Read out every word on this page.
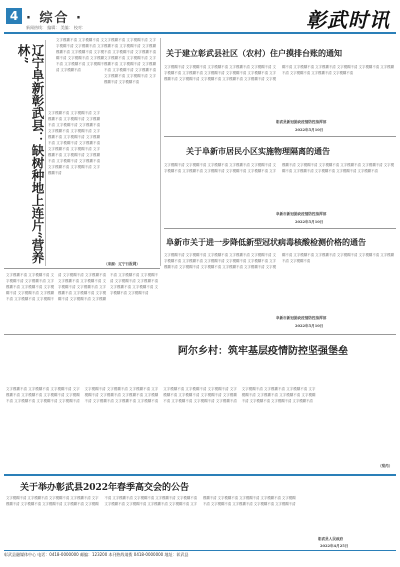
4 · 综合 ·
新闻热线： 编辑： 美编： 校对：	彰武时讯
文字模糊不清 文字模糊不清 文字模糊不清 文字模糊不清 文字模糊不清 文字模糊不清 文字模糊不清 文字模糊不清 文字模糊不清 文字模糊不清 文字模糊不清 文字模糊不清
文字模糊不清 文字模糊不清 文字模糊不清 文字模糊不清 文字模糊不清 文字模糊不清 文字模糊不清 文字模糊不清 文字模糊不清 文字模糊不清 文字模糊不清 文字模糊不清 文字模糊不清 文字模糊不清 文字模糊不清 文字模糊不清 文字模糊不清 文字模糊不清
辽宁阜新彰武县：缺树种地上连片“营养林”
文字模糊不清 文字模糊不清 文字模糊不清 文字模糊不清 文字模糊不清 文字模糊不清 文字模糊不清 文字模糊不清 文字模糊不清 文字模糊不清 文字模糊不清 文字模糊不清 文字模糊不清 文字模糊不清 文字模糊不清 文字模糊不清 文字模糊不清 文字模糊不清 文字模糊不清 文字模糊不清 文字模糊不清 文字模糊不清 文字模糊不清 文字模糊不清
（来源：辽宁日报网）
关于建立彰武县社区（农村）住户摸排台账的通知
文字模糊不清 文字模糊不清 文字模糊不清 文字模糊不清 文字模糊不清 文字模糊不清 文字模糊不清 文字模糊不清 文字模糊不清 文字模糊不清 文字模糊不清 文字模糊不清 文字模糊不清 文字模糊不清 文字模糊不清 文字模糊不清 文字模糊不清 文字模糊不清 文字模糊不清 文字模糊不清 文字模糊不清 文字模糊不清 文字模糊不清 文字模糊不清
彰武县新冠肺炎疫情防控指挥部
2022年5月10日
关于阜新市居民小区实施物理隔离的通告
文字模糊不清 文字模糊不清 文字模糊不清 文字模糊不清 文字模糊不清 文字模糊不清 文字模糊不清 文字模糊不清 文字模糊不清 文字模糊不清 文字模糊不清 文字模糊不清 文字模糊不清 文字模糊不清 文字模糊不清 文字模糊不清 文字模糊不清 文字模糊不清 文字模糊不清 文字模糊不清
阜新市新冠肺炎疫情防控指挥部
2022年5月10日
阜新市关于进一步降低新型冠状病毒核酸检测价格的通告
文字模糊不清 文字模糊不清 文字模糊不清 文字模糊不清 文字模糊不清 文字模糊不清 文字模糊不清 文字模糊不清 文字模糊不清 文字模糊不清 文字模糊不清 文字模糊不清 文字模糊不清 文字模糊不清 文字模糊不清 文字模糊不清 文字模糊不清 文字模糊不清 文字模糊不清 文字模糊不清 文字模糊不清 文字模糊不清
阜新市新冠肺炎疫情防控指挥部
2022年5月10日
文字模糊不清 文字模糊不清 文字模糊不清 文字模糊不清 文字模糊不清 文字模糊不清 文字模糊不清 文字模糊不清 文字模糊不清 文字模糊不清 文字模糊不清 文字模糊不清 文字模糊不清 文字模糊不清 文字模糊不清 文字模糊不清 文字模糊不清 文字模糊不清 文字模糊不清 文字模糊不清 文字模糊不清 文字模糊不清 文字模糊不清 文字模糊不清 文字模糊不清 文字模糊不清 文字模糊不清 文字模糊不清 文字模糊不清 文字模糊不清
阿尔乡村：筑牢基层疫情防控坚强堡垒
文字模糊不清 文字模糊不清 文字模糊不清 文字模糊不清 文字模糊不清 文字模糊不清 文字模糊不清 文字模糊不清 文字模糊不清 文字模糊不清 文字模糊不清 文字模糊不清 文字模糊不清 文字模糊不清 文字模糊不清 文字模糊不清 文字模糊不清 文字模糊不清 文字模糊不清 文字模糊不清 文字模糊不清 文字模糊不清 文字模糊不清 文字模糊不清 文字模糊不清 文字模糊不清 文字模糊不清 文字模糊不清 文字模糊不清 文字模糊不清 文字模糊不清 文字模糊不清 文字模糊不清 文字模糊不清 文字模糊不清 文字模糊不清 文字模糊不清 文字模糊不清 文字模糊不清 文字模糊不清
（梁芮）
关于举办彰武县2022年春季高交会的公告
文字模糊不清 文字模糊不清 文字模糊不清 文字模糊不清 文字模糊不清 文字模糊不清 文字模糊不清 文字模糊不清 文字模糊不清 文字模糊不清 文字模糊不清 文字模糊不清 文字模糊不清 文字模糊不清 文字模糊不清 文字模糊不清 文字模糊不清 文字模糊不清 文字模糊不清 文字模糊不清 文字模糊不清 文字模糊不清 文字模糊不清 文字模糊不清 文字模糊不清 文字模糊不清
彰武县人民政府
2022年4月25日
彰武县融媒体中心 电话：0418-0000000 邮编：123200 本刊热线请拨 0418-0000000 地址：彰武县
